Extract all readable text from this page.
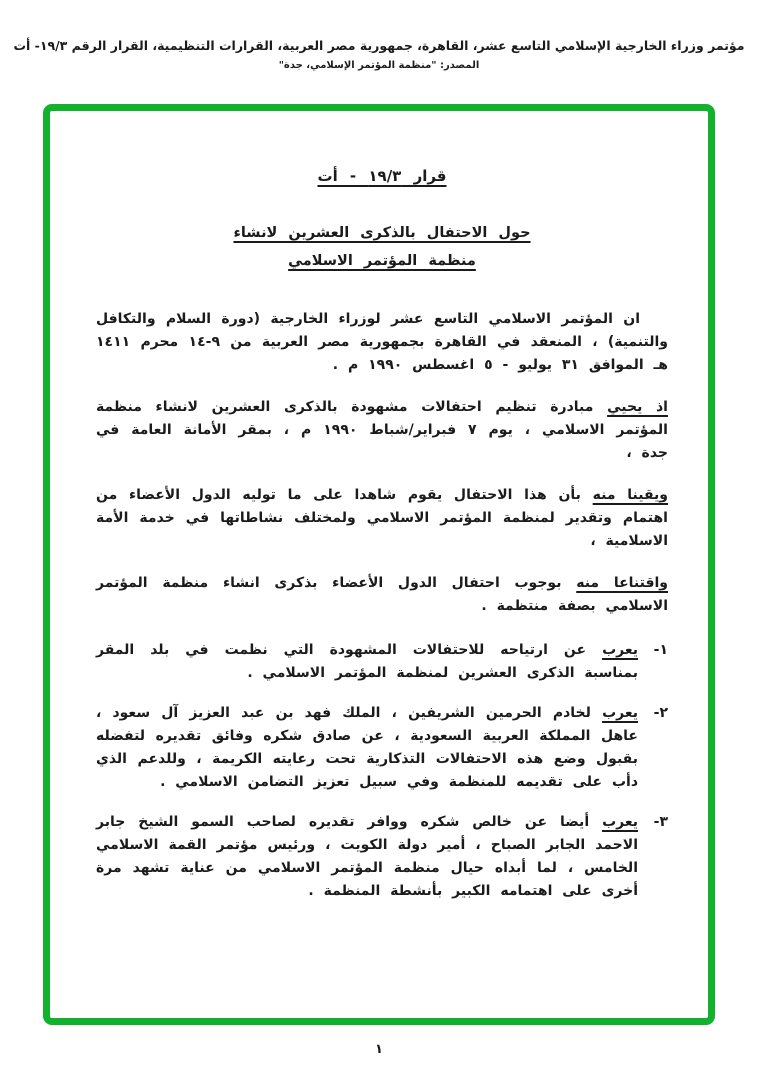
مؤتمر وزراء الخارجية الإسلامي التاسع عشر، القاهرة، جمهورية مصر العربية، القرارات التنظيمية، القرار الرقم ١٩/٣- أت
المصدر: "منظمة المؤتمر الإسلامي، جدة"
قرار ١٩/٣ - أت
حول الاحتفال بالذكرى العشرين لانشاء
منظمة المؤتمر الاسلامي
ان المؤتمر الاسلامي التاسع عشر لوزراء الخارجية (دورة السلام والتكافل والتنمية) ، المنعقد في القاهرة بجمهورية مصر العربية من ٩-١٤ محرم ١٤١١ هـ الموافق ٣١ يوليو - ٥ اغسطس ١٩٩٠ م .
اذ يحيي مبادرة تنظيم احتفالات مشهودة بالذكرى العشرين لانشاء منظمة المؤتمر الاسلامي ، يوم ٧ فبراير/شباط ١٩٩٠ م ، بمقر الأمانة العامة في جدة ،
ويقينا منه بأن هذا الاحتفال يقوم شاهدا على ما توليه الدول الأعضاء من اهتمام وتقدير لمنظمة المؤتمر الاسلامي ولمختلف نشاطاتها في خدمة الأمة الاسلامية ،
واقتناعا منه بوجوب احتفال الدول الأعضاء بذكرى انشاء منظمة المؤتمر الاسلامي بصفة منتظمة .
١-
يعرب عن ارتياحه للاحتفالات المشهودة التي نظمت في بلد المقر بمناسبة الذكرى العشرين لمنظمة المؤتمر الاسلامي .
٢-
يعرب لخادم الحرمين الشريفين ، الملك فهد بن عبد العزيز آل سعود ، عاهل المملكة العربية السعودية ، عن صادق شكره وفائق تقديره لتفضله بقبول وضع هذه الاحتفالات التذكارية تحت رعايته الكريمة ، وللدعم الذي دأب على تقديمه للمنظمة وفي سبيل تعزيز التضامن الاسلامي .
٣-
يعرب أيضا عن خالص شكره ووافر تقديره لصاحب السمو الشيخ جابر الاحمد الجابر الصباح ، أمير دولة الكويت ، ورئيس مؤتمر القمة الاسلامي الخامس ، لما أبداه حيال منظمة المؤتمر الاسلامي من عناية تشهد مرة أخرى على اهتمامه الكبير بأنشطة المنظمة .
١
